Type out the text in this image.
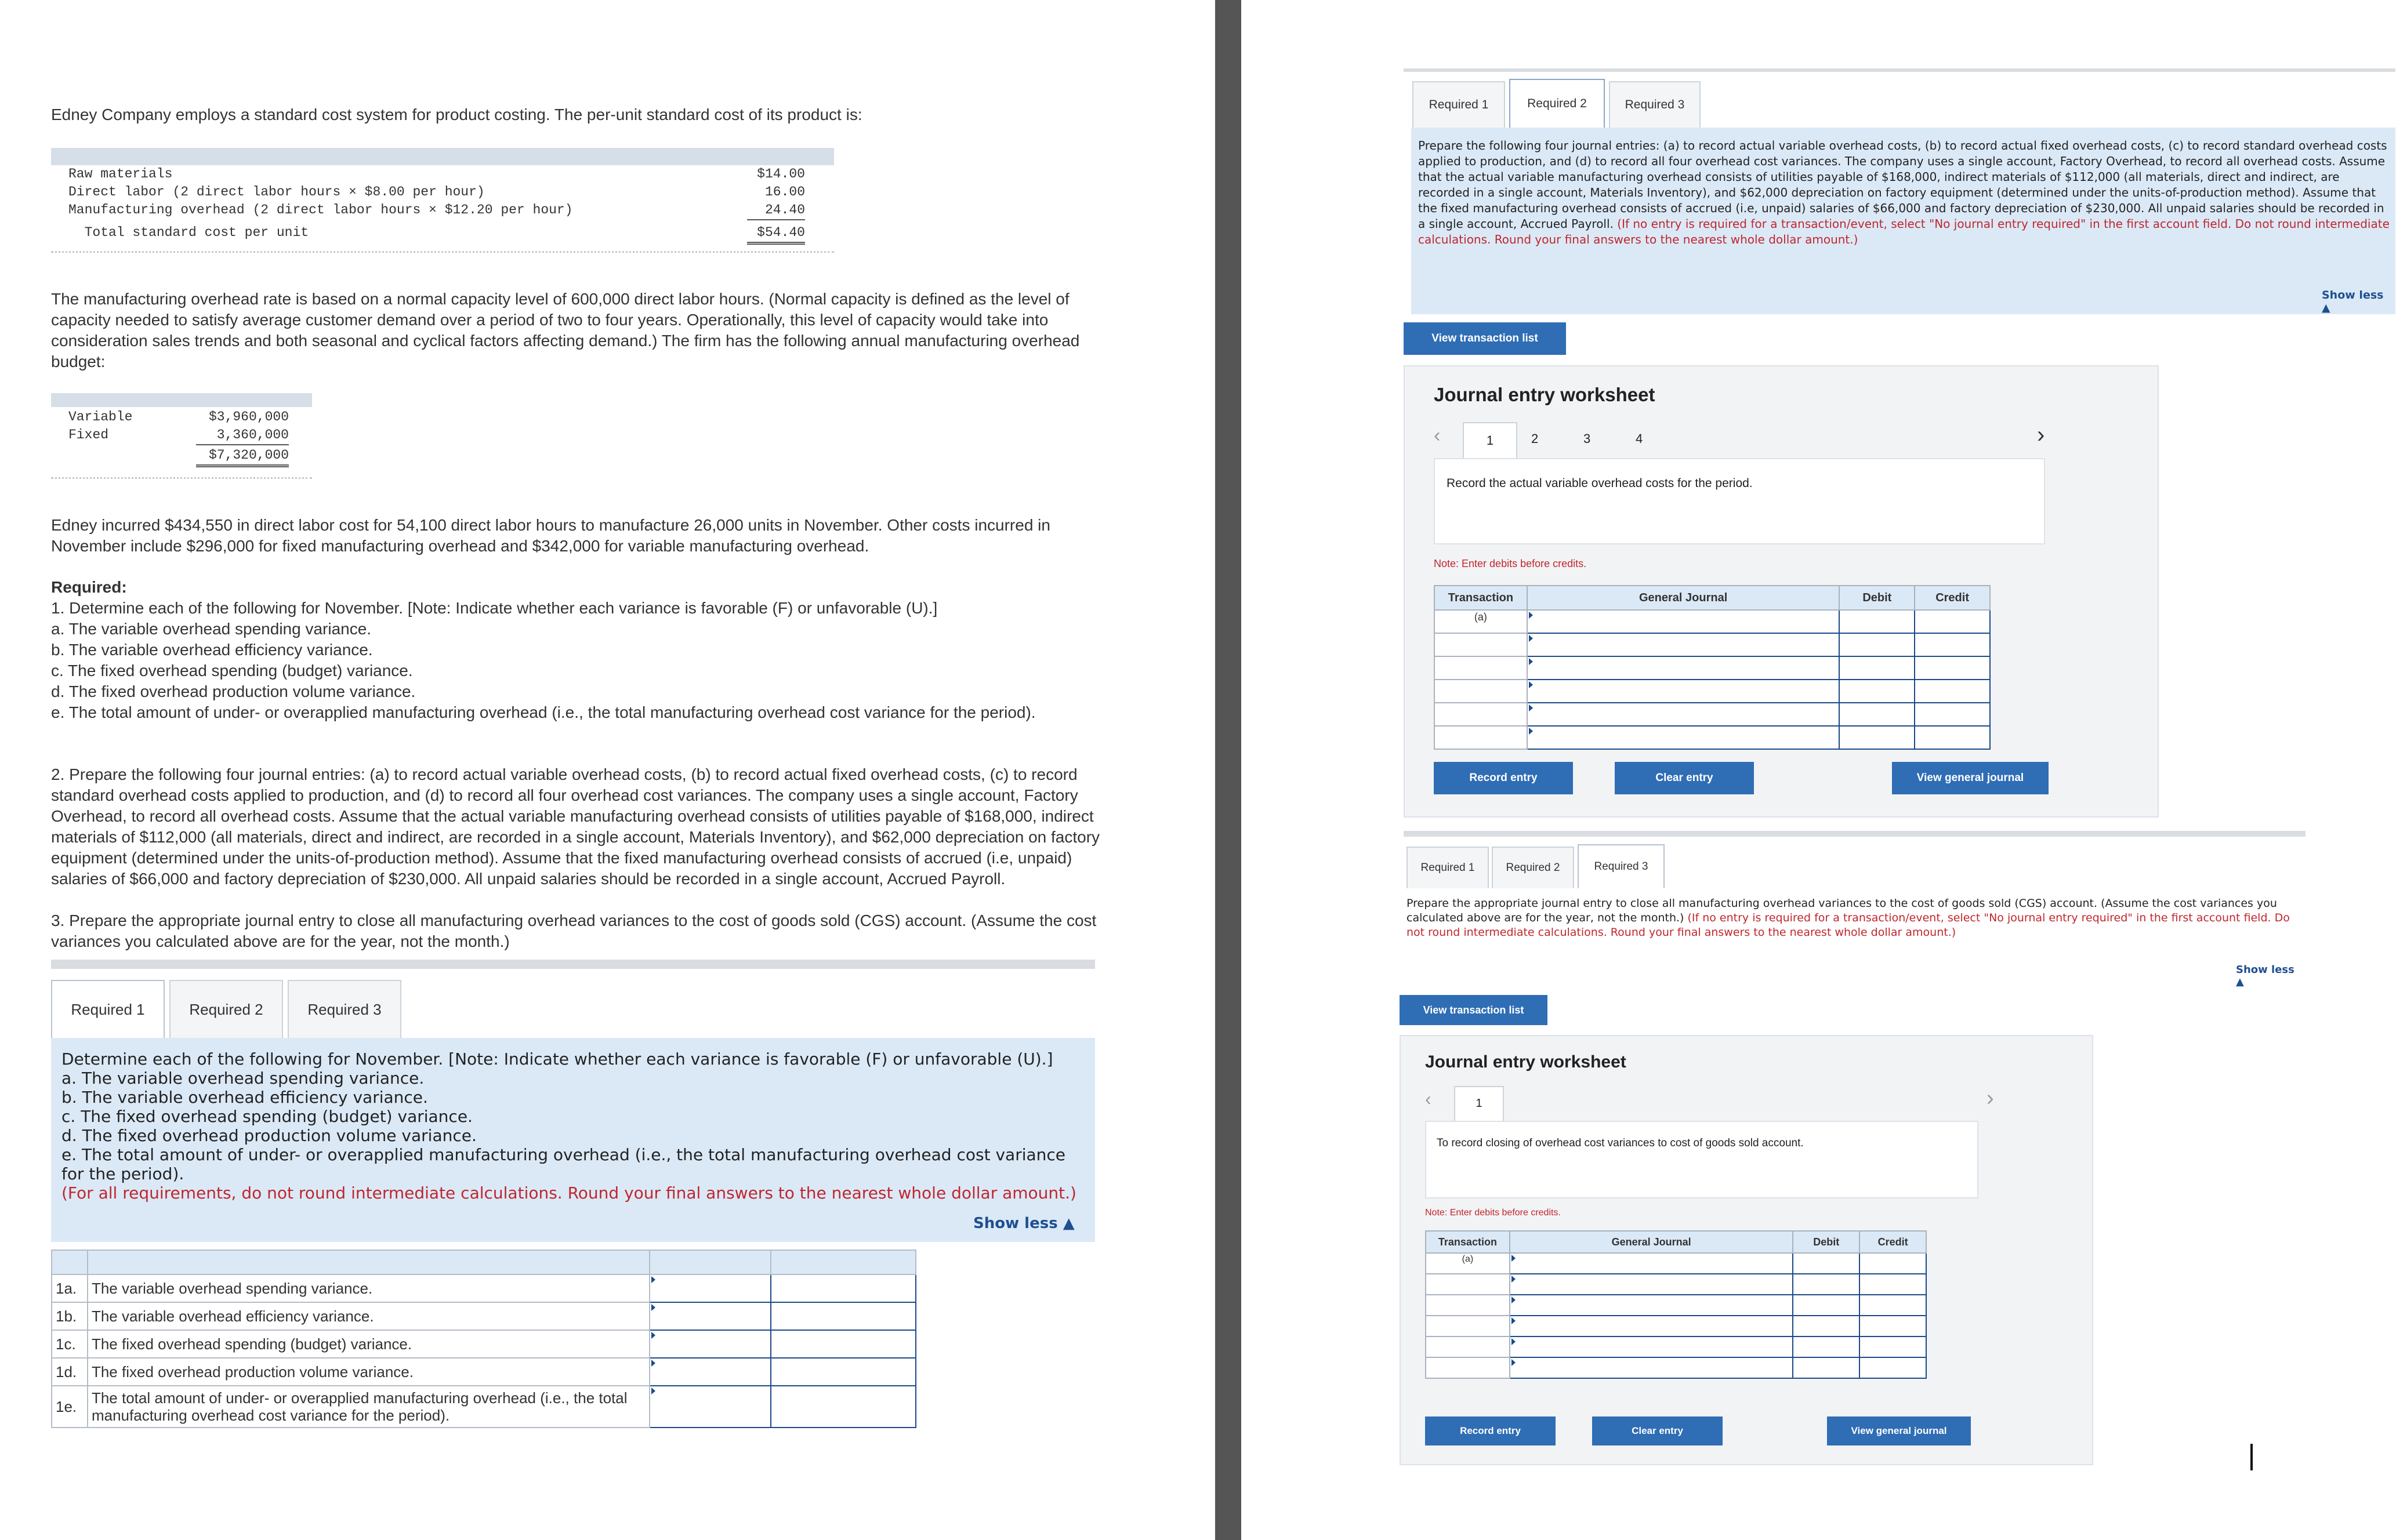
Edney Company employs a standard cost system for product costing. The per-unit standard cost of its product is:
Raw materials	$14.00
Direct labor (2 direct labor hours × $8.00 per hour)	16.00
Manufacturing overhead (2 direct labor hours × $12.20 per hour)	24.40
Total standard cost per unit	$54.40
The manufacturing overhead rate is based on a normal capacity level of 600,000 direct labor hours. (Normal capacity is defined as the level of capacity needed to satisfy average customer demand over a period of two to four years. Operationally, this level of capacity would take into consideration sales trends and both seasonal and cyclical factors affecting demand.) The firm has the following annual manufacturing overhead budget:
Variable	$3,960,000
Fixed	3,360,000
$7,320,000
Edney incurred $434,550 in direct labor cost for 54,100 direct labor hours to manufacture 26,000 units in November. Other costs incurred in November include $296,000 for fixed manufacturing overhead and $342,000 for variable manufacturing overhead.
Required:
1. Determine each of the following for November. [Note: Indicate whether each variance is favorable (F) or unfavorable (U).]
a. The variable overhead spending variance.
b. The variable overhead efficiency variance.
c. The fixed overhead spending (budget) variance.
d. The fixed overhead production volume variance.
e. The total amount of under- or overapplied manufacturing overhead (i.e., the total manufacturing overhead cost variance for the period).
2. Prepare the following four journal entries: (a) to record actual variable overhead costs, (b) to record actual fixed overhead costs, (c) to record standard overhead costs applied to production, and (d) to record all four overhead cost variances. The company uses a single account, Factory Overhead, to record all overhead costs. Assume that the actual variable manufacturing overhead consists of utilities payable of $168,000, indirect materials of $112,000 (all materials, direct and indirect, are recorded in a single account, Materials Inventory), and $62,000 depreciation on factory equipment (determined under the units-of-production method). Assume that the fixed manufacturing overhead consists of accrued (i.e, unpaid) salaries of $66,000 and factory depreciation of $230,000. All unpaid salaries should be recorded in a single account, Accrued Payroll.
3. Prepare the appropriate journal entry to close all manufacturing overhead variances to the cost of goods sold (CGS) account. (Assume the cost variances you calculated above are for the year, not the month.)
Required 1	Required 2	Required 3
Determine each of the following for November. [Note: Indicate whether each variance is favorable (F) or unfavorable (U).]
a. The variable overhead spending variance.
b. The variable overhead efficiency variance.
c. The fixed overhead spending (budget) variance.
d. The fixed overhead production volume variance.
e. The total amount of under- or overapplied manufacturing overhead (i.e., the total manufacturing overhead cost variance for the period).
(For all requirements, do not round intermediate calculations. Round your final answers to the nearest whole dollar amount.)
Show less ▲

1a.	The variable overhead spending variance.	

1b.	The variable overhead efficiency variance.	

1c.	The fixed overhead spending (budget) variance.	

1d.	The fixed overhead production volume variance.	

1e.	The total amount of under- or overapplied manufacturing overhead (i.e., the total manufacturing overhead cost variance for the period).	

Required 1	Required 2	Required 3
Prepare the following four journal entries: (a) to record actual variable overhead costs, (b) to record actual fixed overhead costs, (c) to record standard overhead costs applied to production, and (d) to record all four overhead cost variances. The company uses a single account, Factory Overhead, to record all overhead costs. Assume that the actual variable manufacturing overhead consists of utilities payable of $168,000, indirect materials of $112,000 (all materials, direct and indirect, are recorded in a single account, Materials Inventory), and $62,000 depreciation on factory equipment (determined under the units-of-production method). Assume that the fixed manufacturing overhead consists of accrued (i.e, unpaid) salaries of $66,000 and factory depreciation of $230,000. All unpaid salaries should be recorded in a single account, Accrued Payroll. (If no entry is required for a transaction/event, select "No journal entry required" in the first account field. Do not round intermediate calculations. Round your final answers to the nearest whole dollar amount.)
Show less ▲
View transaction list
Journal entry worksheet
‹	1	2	3	4	›
Record the actual variable overhead costs for the period.
Note: Enter debits before credits.
Transaction	General Journal	Debit	Credit
(a)	

Record entry	Clear entry	View general journal
Required 1	Required 2	Required 3
Prepare the appropriate journal entry to close all manufacturing overhead variances to the cost of goods sold (CGS) account. (Assume the cost variances you calculated above are for the year, not the month.) (If no entry is required for a transaction/event, select "No journal entry required" in the first account field. Do not round intermediate calculations. Round your final answers to the nearest whole dollar amount.)
Show less ▲
View transaction list
Journal entry worksheet
‹	1	›
To record closing of overhead cost variances to cost of goods sold account.
Note: Enter debits before credits.
Transaction	General Journal	Debit	Credit
(a)	

Record entry	Clear entry	View general journal
